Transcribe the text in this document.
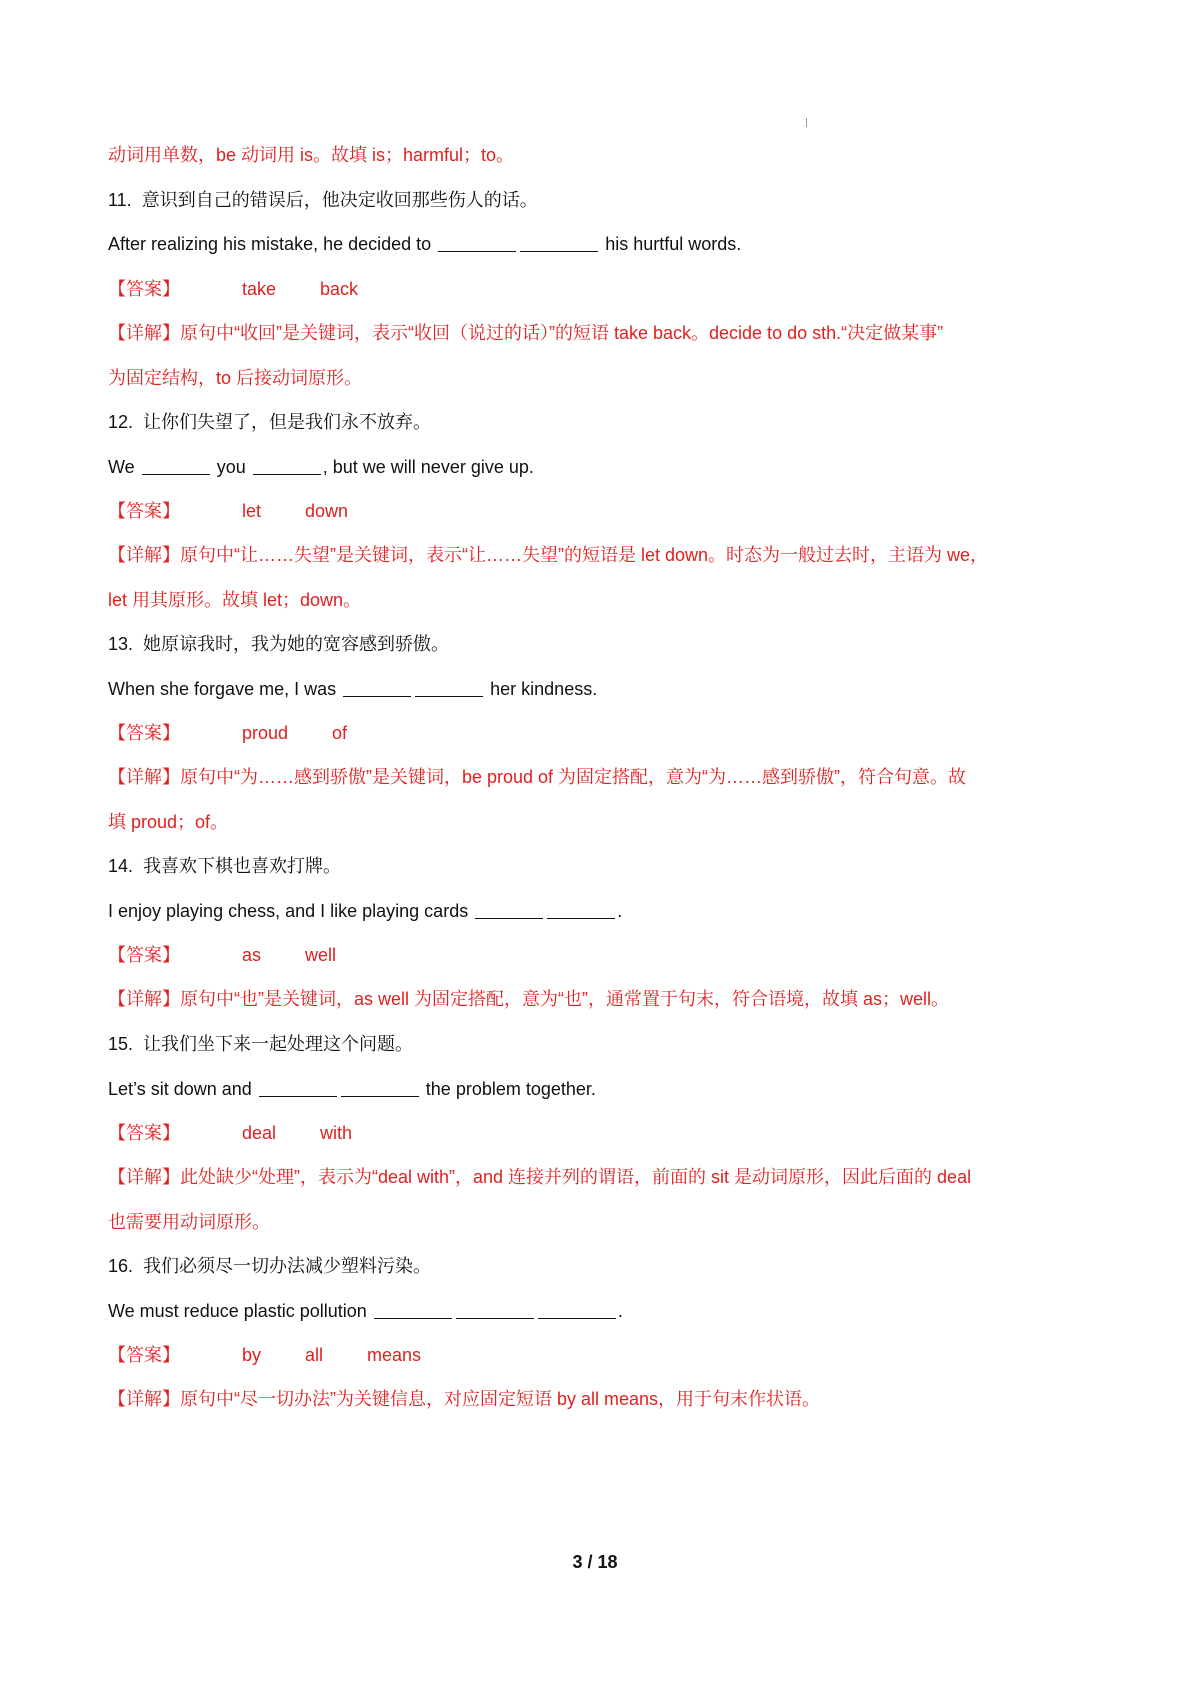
动词用单数，be 动词用 is。故填 is；harmful；to。
11. 意识到自己的错误后，他决定收回那些伤人的话。
After realizing his mistake, he decided to	his hurtful words.
【答案】	take back
【详解】原句中“收回”是关键词，表示“收回（说过的话）”的短语 take back。decide to do sth.“决定做某事”
为固定结构，to 后接动词原形。
12. 让你们失望了，但是我们永不放弃。
We	you	, but we will never give up.
【答案】	let down
【详解】原句中“让……失望”是关键词，表示“让……失望”的短语是 let down。时态为一般过去时，主语为 we，
let 用其原形。故填 let；down。
13. 她原谅我时，我为她的宽容感到骄傲。
When she forgave me, I was	her kindness.
【答案】	proud of
【详解】原句中“为……感到骄傲”是关键词，be proud of 为固定搭配，意为“为……感到骄傲”，符合句意。故
填 proud；of。
14. 我喜欢下棋也喜欢打牌。
I enjoy playing chess, and I like playing cards	.
【答案】	as well
【详解】原句中“也”是关键词，as well 为固定搭配，意为“也”，通常置于句末，符合语境，故填 as；well。
15. 让我们坐下来一起处理这个问题。
Let’s sit down and	the problem together.
【答案】	deal with
【详解】此处缺少“处理”，表示为“deal with”，and 连接并列的谓语，前面的 sit 是动词原形，因此后面的 deal
也需要用动词原形。
16. 我们必须尽一切办法减少塑料污染。
We must reduce plastic pollution	.
【答案】	by all means
【详解】原句中“尽一切办法”为关键信息，对应固定短语 by all means，用于句末作状语。
3 / 18
